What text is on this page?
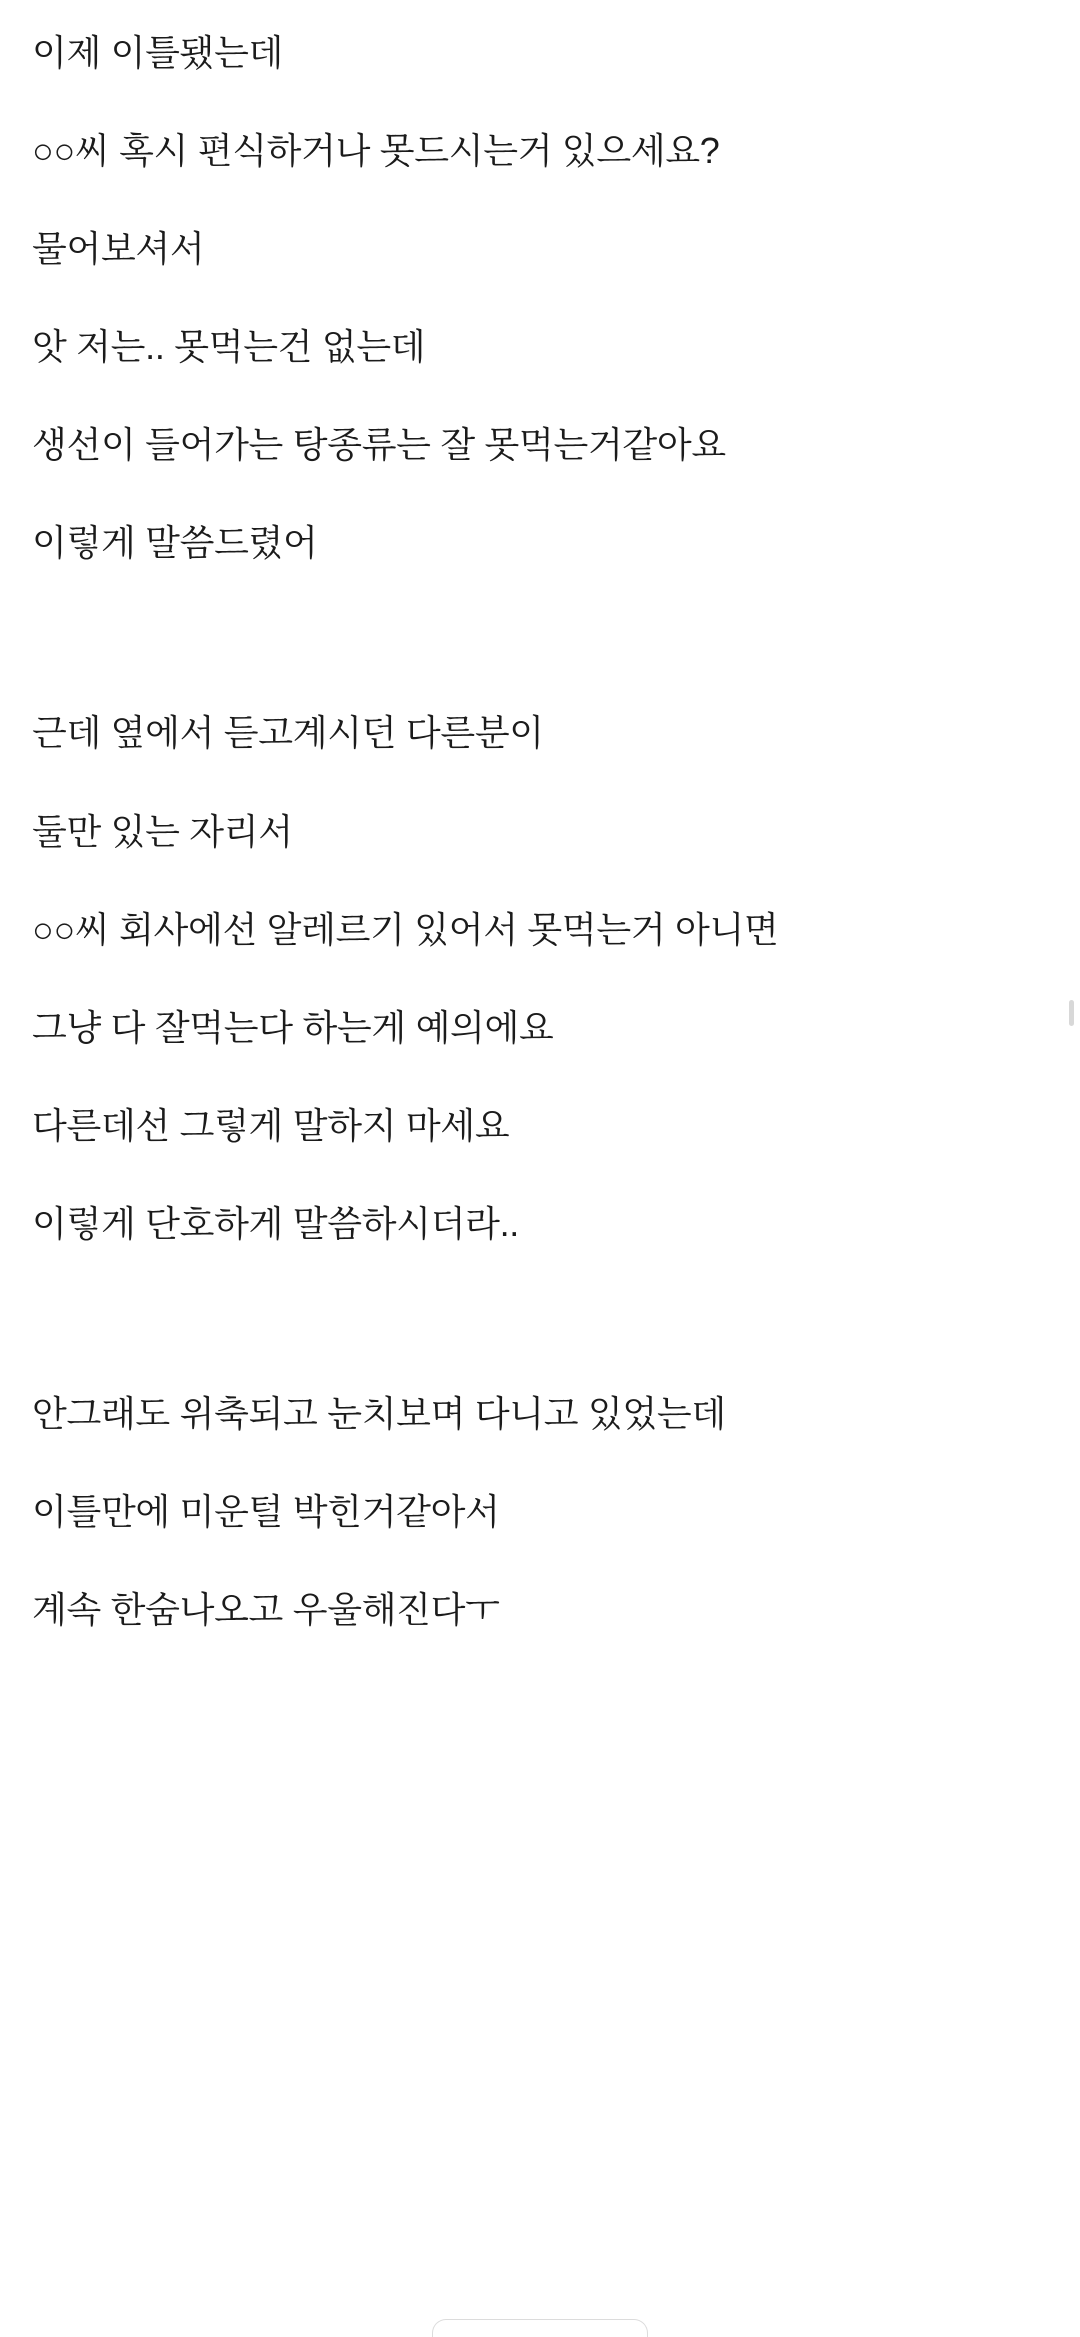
이제 이틀됐는데

○○씨 혹시 편식하거나 못드시는거 있으세요?

물어보셔서

앗 저는.. 못먹는건 없는데

생선이 들어가는 탕종류는 잘 못먹는거같아요

이렇게 말씀드렸어

근데 옆에서 듣고계시던 다른분이

둘만 있는 자리서

○○씨 회사에선 알레르기 있어서 못먹는거 아니면

그냥 다 잘먹는다 하는게 예의에요

다른데선 그렇게 말하지 마세요

이렇게 단호하게 말씀하시더라..

안그래도 위축되고 눈치보며 다니고 있었는데

이틀만에 미운털 박힌거같아서

계속 한숨나오고 우울해진다ㅜ
